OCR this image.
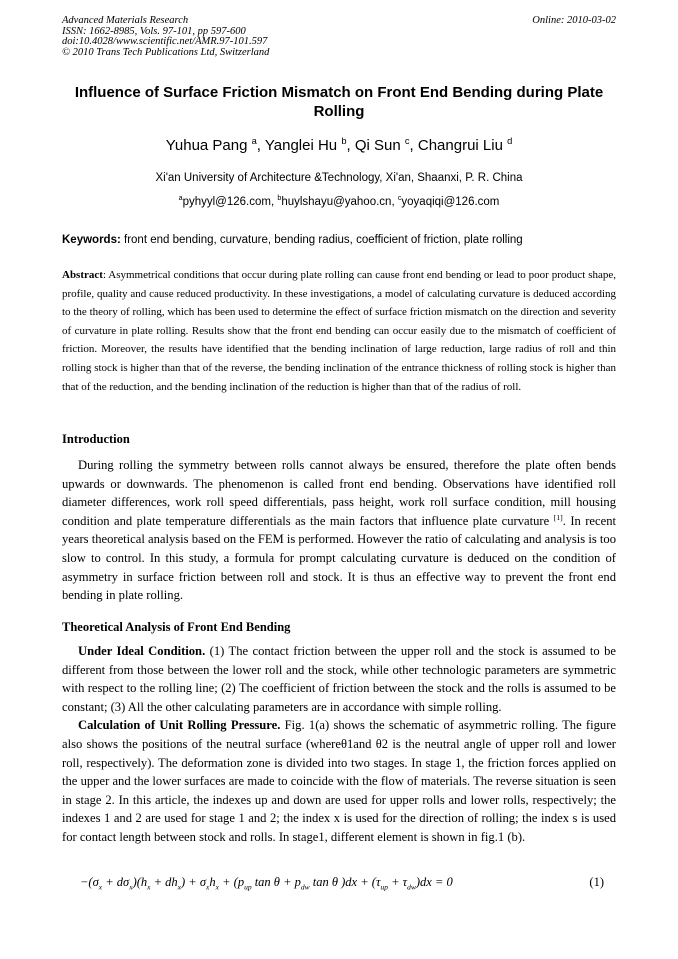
Advanced Materials Research
ISSN: 1662-8985, Vols. 97-101, pp 597-600
doi:10.4028/www.scientific.net/AMR.97-101.597
© 2010 Trans Tech Publications Ltd, Switzerland
Online: 2010-03-02
Influence of Surface Friction Mismatch on Front End Bending during Plate Rolling
Yuhua Pang $^a$, Yanglei Hu $^b$, Qi Sun $^c$, Changrui Liu $^d$
Xi'an University of Architecture &Technology, Xi'an, Shaanxi, P. R. China
$^a$pyhyyl@126.com, $^b$huylshayu@yahoo.cn, $^c$yoyaqiqi@126.com
Keywords: front end bending, curvature, bending radius, coefficient of friction, plate rolling
Abstract: Asymmetrical conditions that occur during plate rolling can cause front end bending or lead to poor product shape, profile, quality and cause reduced productivity. In these investigations, a model of calculating curvature is deduced according to the theory of rolling, which has been used to determine the effect of surface friction mismatch on the direction and severity of curvature in plate rolling. Results show that the front end bending can occur easily due to the mismatch of coefficient of friction. Moreover, the results have identified that the bending inclination of large reduction, large radius of roll and thin rolling stock is higher than that of the reverse, the bending inclination of the entrance thickness of rolling stock is higher than that of the reduction, and the bending inclination of the reduction is higher than that of the radius of roll.
Introduction

During rolling the symmetry between rolls cannot always be ensured, therefore the plate often bends upwards or downwards. The phenomenon is called front end bending. Observations have identified roll diameter differences, work roll speed differentials, pass height, work roll surface condition, mill housing condition and plate temperature differentials as the main factors that influence plate curvature [1]. In recent years theoretical analysis based on the FEM is performed. However the ratio of calculating and analysis is too slow to control. In this study, a formula for prompt calculating curvature is deduced on the condition of asymmetry in surface friction between roll and stock. It is thus an effective way to prevent the front end bending in plate rolling.

Theoretical Analysis of Front End Bending

Under Ideal Condition. (1) The contact friction between the upper roll and the stock is assumed to be different from those between the lower roll and the stock, while other technologic parameters are symmetric with respect to the rolling line; (2) The coefficient of friction between the stock and the rolls is assumed to be constant; (3) All the other calculating parameters are in accordance with simple rolling.

Calculation of Unit Rolling Pressure. Fig. 1(a) shows the schematic of asymmetric rolling. The figure also shows the positions of the neutral surface (whereθ1and θ2 is the neutral angle of upper roll and lower roll, respectively). The deformation zone is divided into two stages. In stage 1, the friction forces applied on the upper and the lower surfaces are made to coincide with the flow of materials. The reverse situation is seen in stage 2. In this article, the indexes up and down are used for upper rolls and lower rolls, respectively; the indexes 1 and 2 are used for stage 1 and 2; the index x is used for the direction of rolling; the index s is used for contact length between stock and rolls. In stage1, different element is shown in fig.1 (b).

$-(\sigma_x + d\sigma_x)(h_x + dh_x) + \sigma_xh_x + (p_{up}$ $\tan \theta + p_{dw}$ tan θ )$dx + (\tau_{up} + \tau_{dw})dx = 0$	(1)
